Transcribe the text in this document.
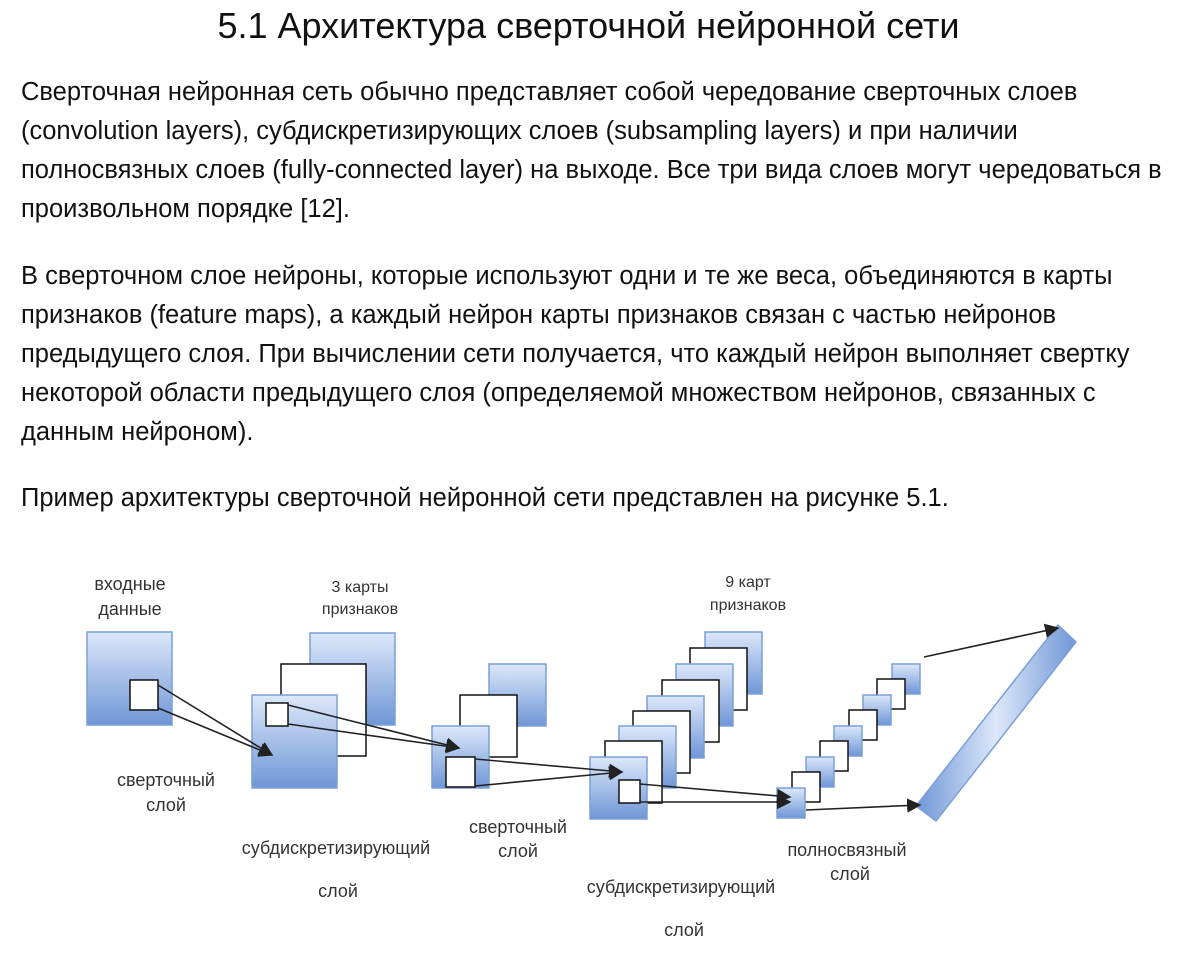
5.1 Архитектура сверточной нейронной сети

Сверточная нейронная сеть обычно представляет собой чередование сверточных слоев (convolution layers), субдискретизирующих слоев (subsampling layers) и при наличии полносвязных слоев (fully-connected layer) на выходе. Все три вида слоев могут чередоваться в произвольном порядке [12].

В сверточном слое нейроны, которые используют одни и те же веса, объединяются в карты признаков (feature maps), а каждый нейрон карты признаков связан с частью нейронов предыдущего слоя. При вычислении сети получается, что каждый нейрон выполняет свертку некоторой области предыдущего слоя (определяемой множеством нейронов, связанных с данным нейроном).

Пример архитектуры сверточной нейронной сети представлен на рисунке 5.1.

входные
данные
3 карты
признаков
9 карт
признаков
сверточный
слой
субдискретизирующий
слой
сверточный
слой
субдискретизирующий
слой
полносвязный
слой
